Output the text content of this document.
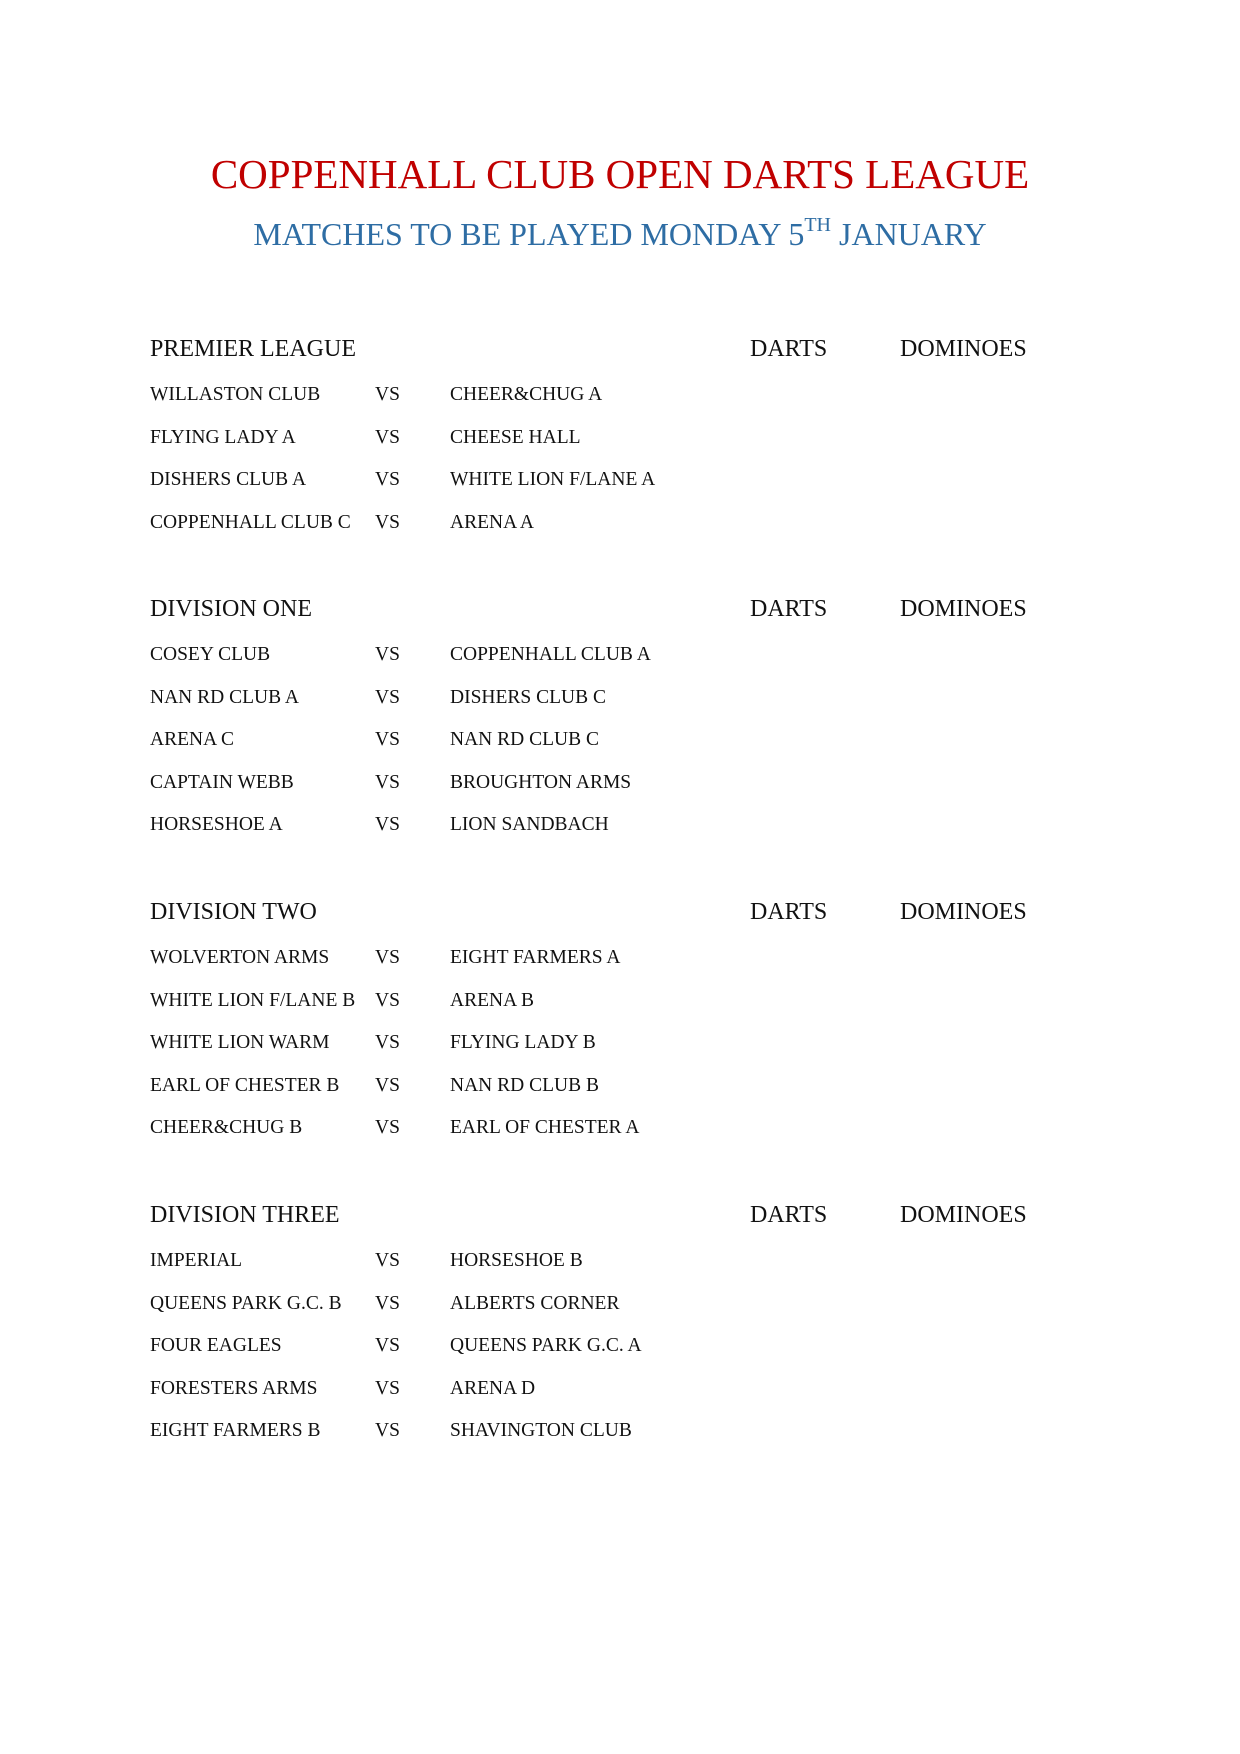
COPPENHALL CLUB OPEN DARTS LEAGUE
MATCHES TO BE PLAYED MONDAY 5TH JANUARY
PREMIER LEAGUE	DARTS	DOMINOES
WILLASTON CLUB	VS	CHEER&CHUG A
FLYING LADY A	VS	CHEESE HALL
DISHERS CLUB A	VS	WHITE LION F/LANE A
COPPENHALL CLUB C VS	ARENA A
DIVISION ONE	DARTS	DOMINOES
COSEY CLUB	VS	COPPENHALL CLUB A
NAN RD CLUB A	VS	DISHERS CLUB C
ARENA C	VS	NAN RD CLUB C
CAPTAIN WEBB	VS	BROUGHTON ARMS
HORSESHOE A	VS	LION SANDBACH
DIVISION TWO	DARTS	DOMINOES
WOLVERTON ARMS VS	EIGHT FARMERS A
WHITE LION F/LANE B VS	ARENA B
WHITE LION WARM VS	FLYING LADY B
EARL OF CHESTER B VS	NAN RD CLUB B
CHEER&CHUG B	VS	EARL OF CHESTER A
DIVISION THREE	DARTS	DOMINOES
IMPERIAL	VS	HORSESHOE B
QUEENS PARK G.C. B VS	ALBERTS CORNER
FOUR EAGLES	VS	QUEENS PARK G.C. A
FORESTERS ARMS	VS	ARENA D
EIGHT FARMERS B	VS	SHAVINGTON CLUB
